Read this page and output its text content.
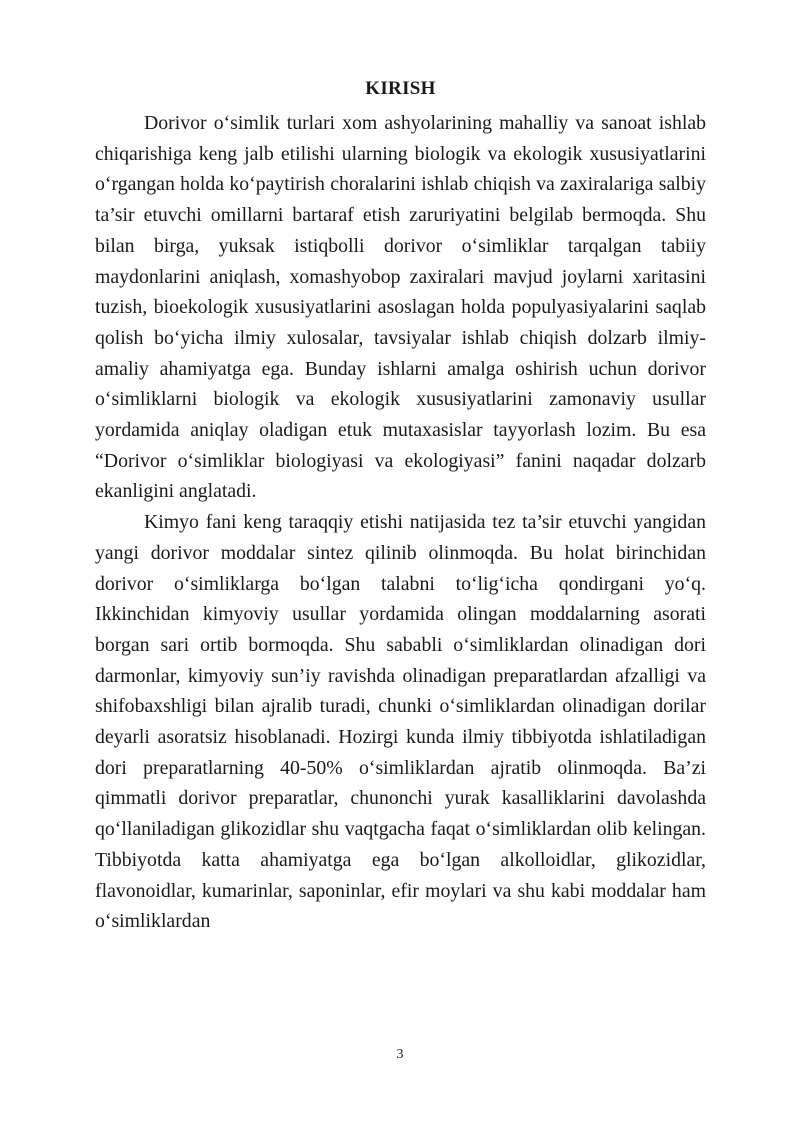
KIRISH

Dorivor o‘simlik turlari xom ashyolarining mahalliy va sanoat ishlab chiqarishiga keng jalb etilishi ularning biologik va ekologik xususiyatlarini o‘rgangan holda ko‘paytirish choralarini ishlab chiqish va zaxiralariga salbiy ta’sir etuvchi omillarni bartaraf etish zaruriyatini belgilab bermoqda. Shu bilan birga, yuksak istiqbolli dorivor o‘simliklar tarqalgan tabiiy maydonlarini aniqlash, xomashyobop zaxiralari mavjud joylarni xaritasini tuzish, bioekologik xususiyatlarini asoslagan holda populyasiyalarini saqlab qolish bo‘yicha ilmiy xulosalar, tavsiyalar ishlab chiqish dolzarb ilmiy-amaliy ahamiyatga ega. Bunday ishlarni amalga oshirish uchun dorivor o‘simliklarni biologik va ekologik xususiyatlarini zamonaviy usullar yordamida aniqlay oladigan etuk mutaxasislar tayyorlash lozim. Bu esa “Dorivor o‘simliklar biologiyasi va ekologiyasi” fanini naqadar dolzarb ekanligini anglatadi.

Kimyo fani keng taraqqiy etishi natijasida tez ta’sir etuvchi yangidan yangi dorivor moddalar sintez qilinib olinmoqda. Bu holat birinchidan dorivor o‘simliklarga bo‘lgan talabni to‘lig‘icha qondirgani yo‘q. Ikkinchidan kimyoviy usullar yordamida olingan moddalarning asorati borgan sari ortib bormoqda. Shu sababli o‘simliklardan olinadigan dori darmonlar, kimyoviy sun’iy ravishda olinadigan preparatlardan afzalligi va shifobaxshligi bilan ajralib turadi, chunki o‘simliklardan olinadigan dorilar deyarli asoratsiz hisoblanadi. Hozirgi kunda ilmiy tibbiyotda ishlatiladigan dori preparatlarning 40-50% o‘simliklardan ajratib olinmoqda. Ba’zi qimmatli dorivor preparatlar, chunonchi yurak kasalliklarini davolashda qo‘llaniladigan glikozidlar shu vaqtgacha faqat o‘simliklardan olib kelingan. Tibbiyotda katta ahamiyatga ega bo‘lgan alkolloidlar, glikozidlar, flavonoidlar, kumarinlar, saponinlar, efir moylari va shu kabi moddalar ham o‘simliklardan

3
